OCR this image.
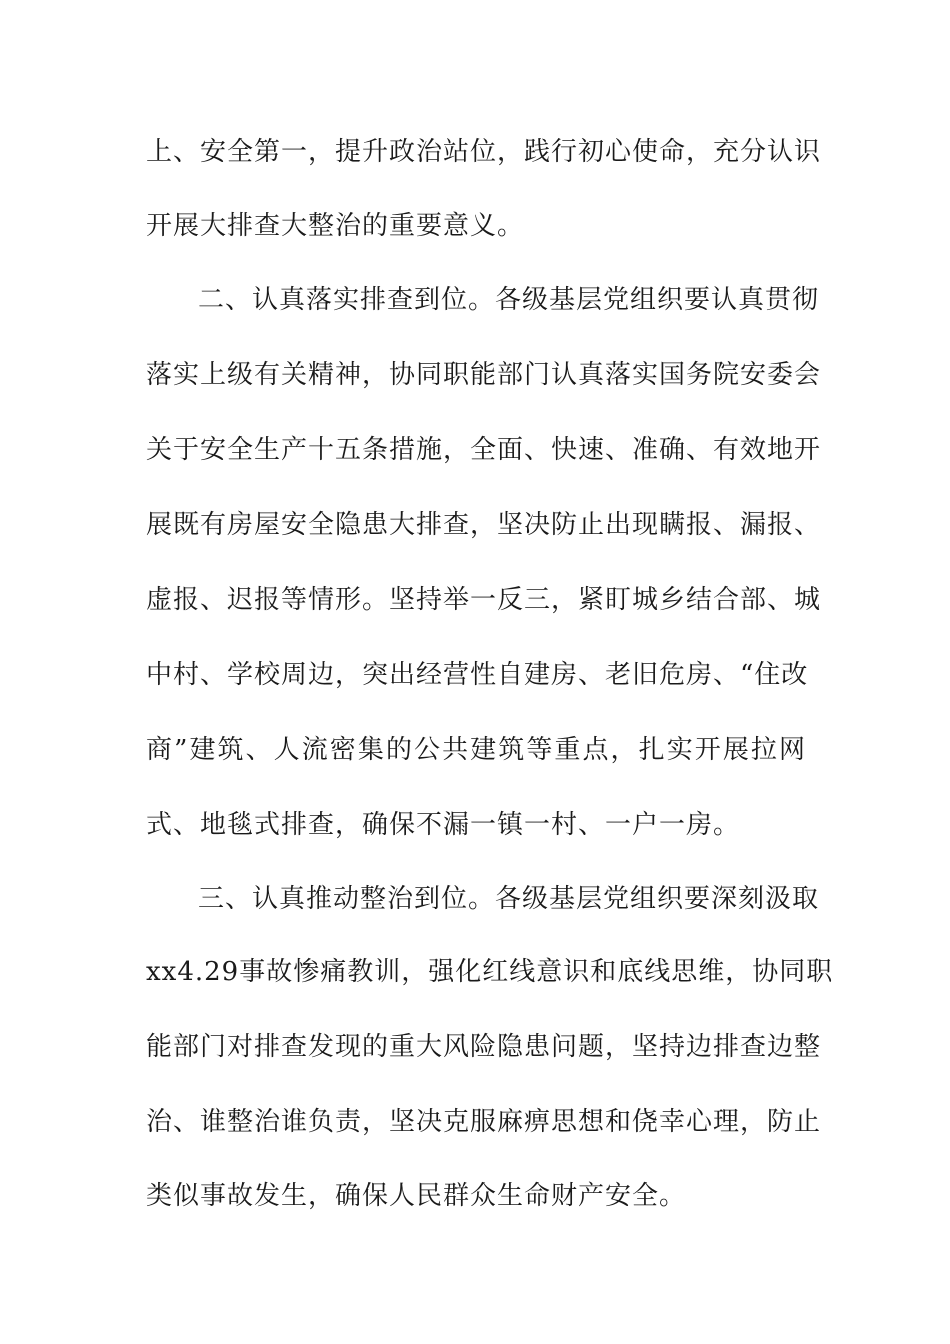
上、安全第一，提升政治站位，践行初心使命，充分认识
开展大排查大整治的重要意义。
二、认真落实排查到位。各级基层党组织要认真贯彻
落实上级有关精神，协同职能部门认真落实国务院安委会
关于安全生产十五条措施，全面、快速、准确、有效地开
展既有房屋安全隐患大排查，坚决防止出现瞒报、漏报、
虚报、迟报等情形。坚持举一反三，紧盯城乡结合部、城
中村、学校周边，突出经营性自建房、老旧危房、“住改
商”建筑、人流密集的公共建筑等重点，扎实开展拉网
式、地毯式排查，确保不漏一镇一村、一户一房。
三、认真推动整治到位。各级基层党组织要深刻汲取
xx4.29事故惨痛教训，强化红线意识和底线思维，协同职
能部门对排查发现的重大风险隐患问题，坚持边排查边整
治、谁整治谁负责，坚决克服麻痹思想和侥幸心理，防止
类似事故发生，确保人民群众生命财产安全。
